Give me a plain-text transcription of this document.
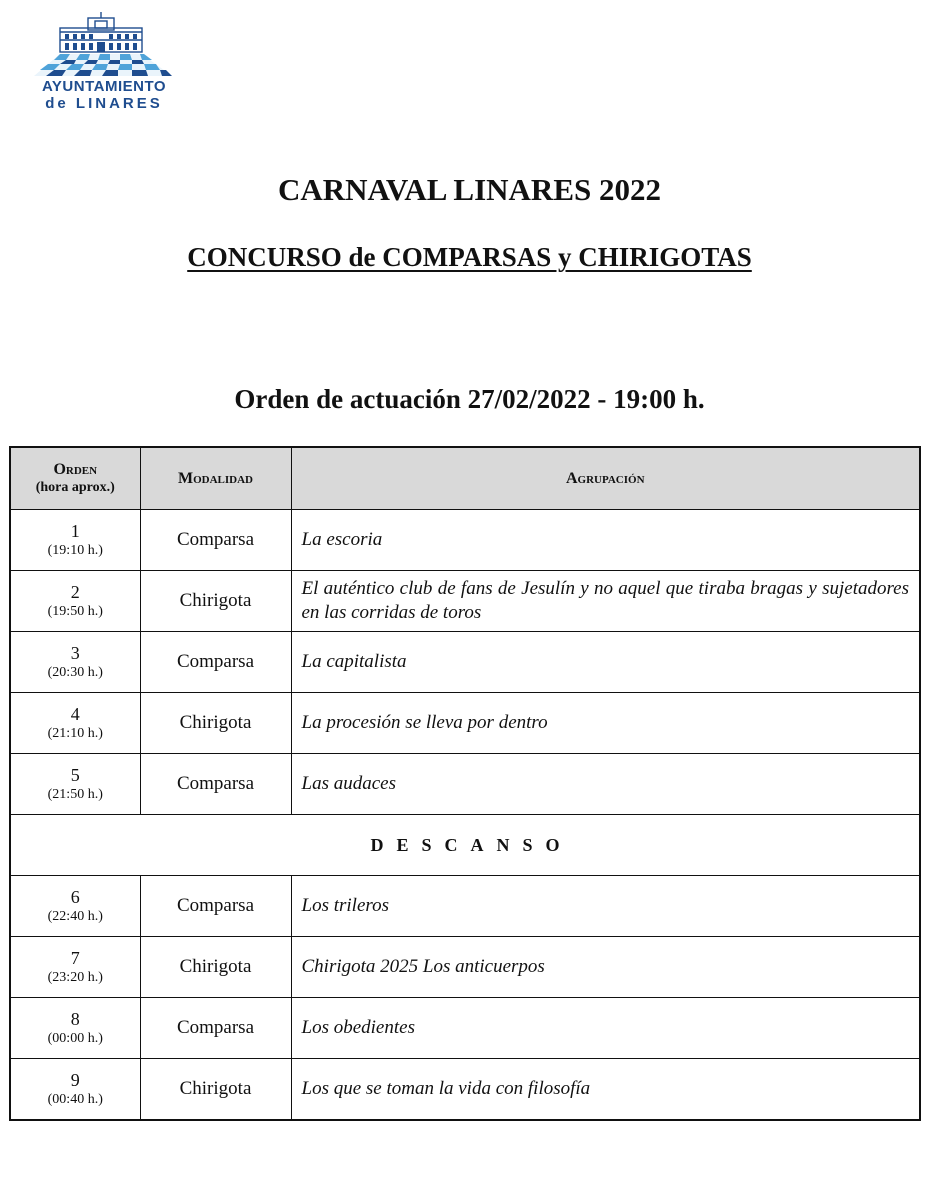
AYUNTAMIENTO
de LINARES
CARNAVAL LINARES 2022
CONCURSO de COMPARSAS y CHIRIGOTAS
Orden de actuación 27/02/2022 - 19:00 h.
Orden
(hora aprox.)	Modalidad	Agrupación

1
(19:10 h.)	Comparsa	La escoria

2
(19:50 h.)	Chirigota	El auténtico club de fans de Jesulín y no aquel que tiraba bragas y sujetadores en las corridas de toros

3
(20:30 h.)	Comparsa	La capitalista

4
(21:10 h.)	Chirigota	La procesión se lleva por dentro

5
(21:50 h.)	Comparsa	Las audaces
DESCANSO		

6
(22:40 h.)	Comparsa	Los trileros

7
(23:20 h.)	Chirigota	Chirigota 2025 Los anticuerpos

8
(00:00 h.)	Comparsa	Los obedientes

9
(00:40 h.)	Chirigota	Los que se toman la vida con filosofía
